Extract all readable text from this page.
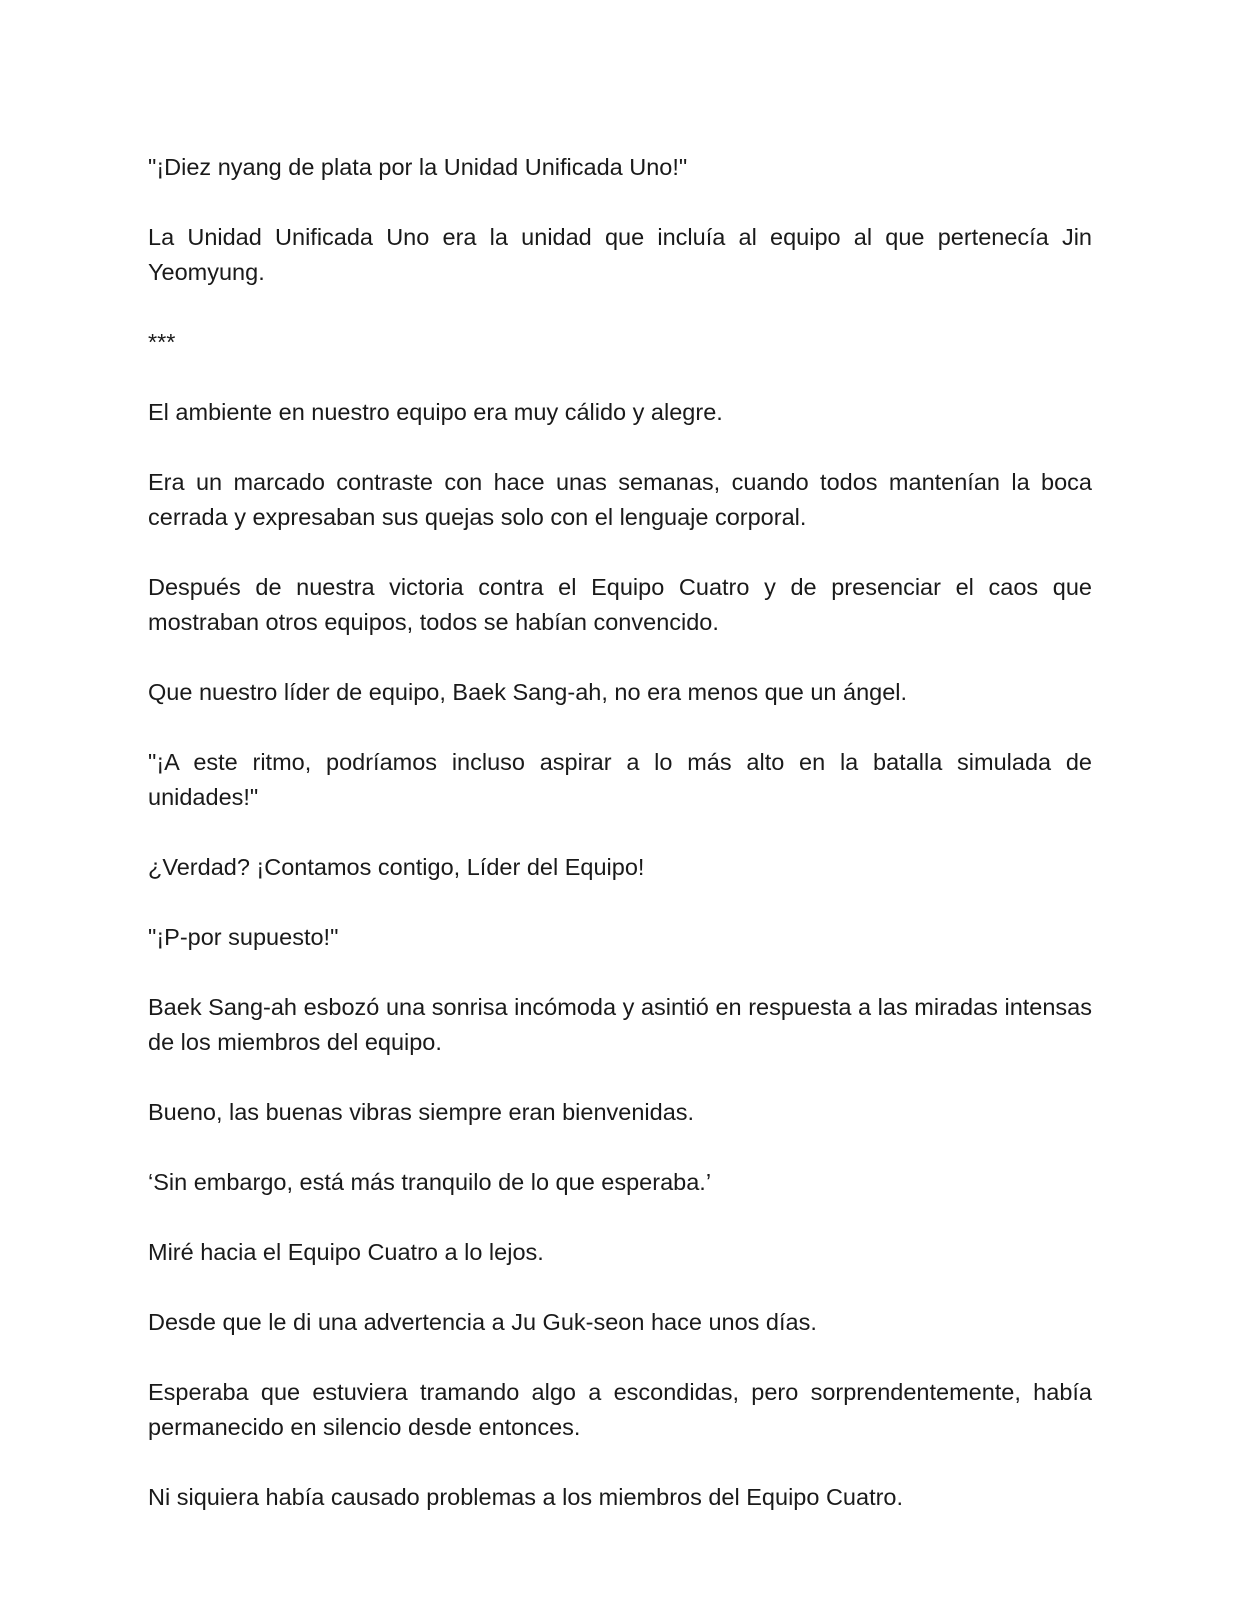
"¡Diez nyang de plata por la Unidad Unificada Uno!"

La Unidad Unificada Uno era la unidad que incluía al equipo al que pertenecía Jin Yeomyung.

***

El ambiente en nuestro equipo era muy cálido y alegre.

Era un marcado contraste con hace unas semanas, cuando todos mantenían la boca cerrada y expresaban sus quejas solo con el lenguaje corporal.

Después de nuestra victoria contra el Equipo Cuatro y de presenciar el caos que mostraban otros equipos, todos se habían convencido.

Que nuestro líder de equipo, Baek Sang-ah, no era menos que un ángel.

"¡A este ritmo, podríamos incluso aspirar a lo más alto en la batalla simulada de unidades!"

¿Verdad? ¡Contamos contigo, Líder del Equipo!

"¡P-por supuesto!"

Baek Sang-ah esbozó una sonrisa incómoda y asintió en respuesta a las miradas intensas de los miembros del equipo.

Bueno, las buenas vibras siempre eran bienvenidas.

‘Sin embargo, está más tranquilo de lo que esperaba.’

Miré hacia el Equipo Cuatro a lo lejos.

Desde que le di una advertencia a Ju Guk-seon hace unos días.

Esperaba que estuviera tramando algo a escondidas, pero sorprendentemente, había permanecido en silencio desde entonces.

Ni siquiera había causado problemas a los miembros del Equipo Cuatro.
